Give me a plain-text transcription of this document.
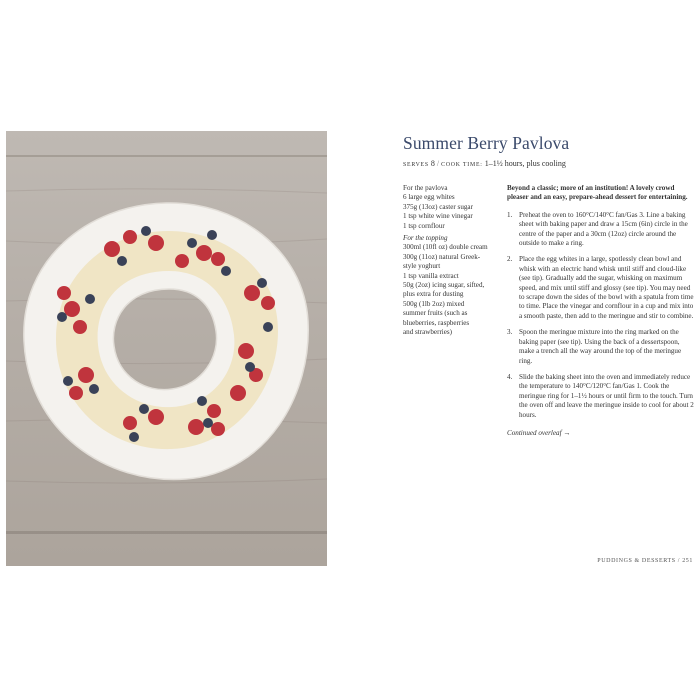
Summer Berry Pavlova
SERVES 8 / COOK TIME: 1–1½ hours, plus cooling
For the pavlova
6 large egg whites
375g (13oz) caster sugar
1 tsp white wine vinegar
1 tsp cornflour
For the topping
300ml (10fl oz) double cream
300g (11oz) natural Greek-
style yoghurt
1 tsp vanilla extract
50g (2oz) icing sugar, sifted,
plus extra for dusting
500g (1lb 2oz) mixed
summer fruits (such as
blueberries, raspberries
and strawberries)

Beyond a classic; more of an institution! A lovely crowd pleaser and an easy, prepare-ahead dessert for entertaining.

1. Preheat the oven to 160°C/140°C fan/Gas 3. Line a baking sheet with baking paper and draw a 15cm (6in) circle in the centre of the paper and a 30cm (12oz) circle around the outside to make a ring.
2. Place the egg whites in a large, spotlessly clean bowl and whisk with an electric hand whisk until stiff and cloud-like (see tip). Gradually add the sugar, whisking on maximum speed, and mix until stiff and glossy (see tip). You may need to scrape down the sides of the bowl with a spatula from time to time. Place the vinegar and cornflour in a cup and mix into a smooth paste, then add to the meringue and stir to combine.
3. Spoon the meringue mixture into the ring marked on the baking paper (see tip). Using the back of a dessertspoon, make a trench all the way around the top of the meringue ring.
4. Slide the baking sheet into the oven and immediately reduce the temperature to 140°C/120°C fan/Gas 1. Cook the meringue ring for 1–1½ hours or until firm to the touch. Turn the oven off and leave the meringue inside to cool for about 2 hours.
Continued overleaf →
PUDDINGS & DESSERTS / 251
